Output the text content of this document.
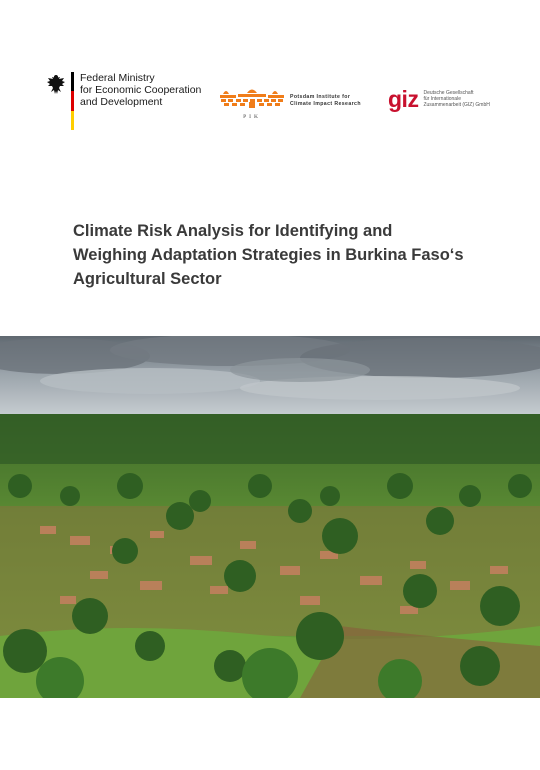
Federal Ministry
for Economic Cooperation
and Development
PIK
Potsdam Institute for
Climate Impact Research giz Deutsche Gesellschaft
für Internationale
Zusammenarbeit (GIZ) GmbH
Climate Risk Analysis for Identifying and
Weighing Adaptation Strategies in Burkina Faso‘s
Agricultural Sector
